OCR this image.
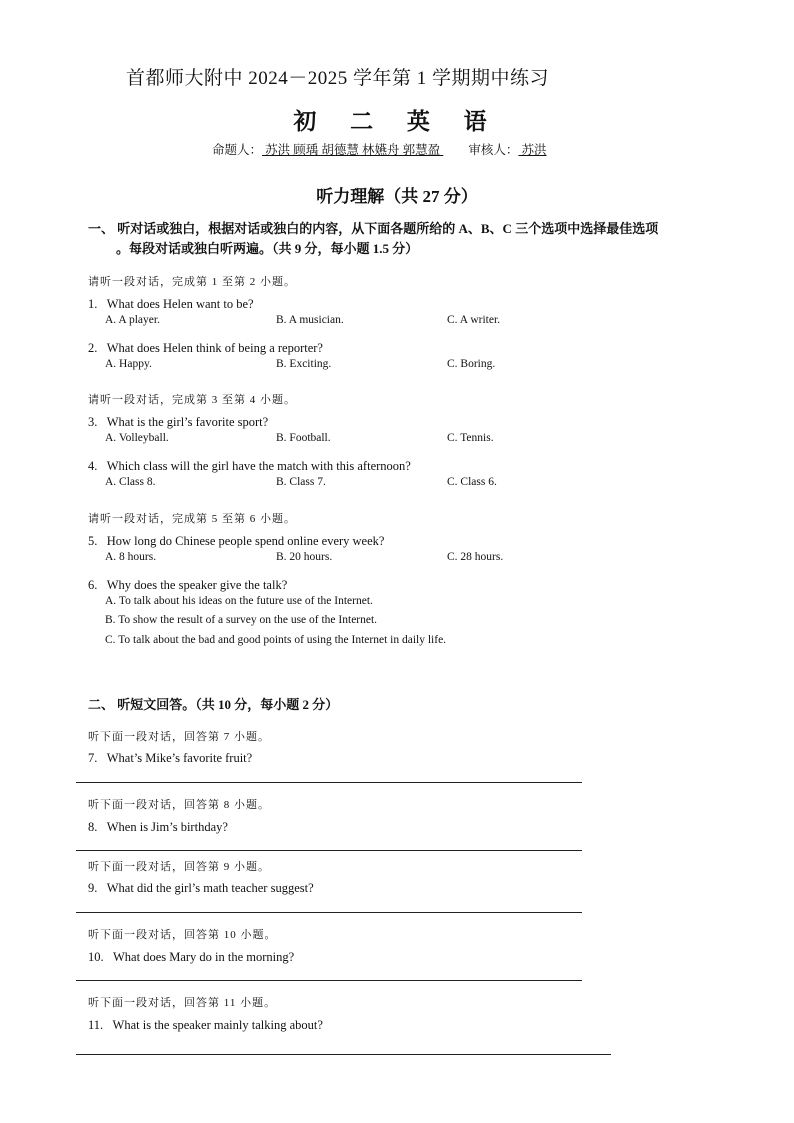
首都师大附中 2024－2025 学年第 1 学期期中练习
初 二 英 语
命题人： 苏洪 顾瑀 胡德慧 林嬿舟 郭慧盈  审核人： 苏洪
听力理解（共 27 分）
一、 听对话或独白，根据对话或独白的内容，从下面各题所给的 A、B、C 三个选项中选择最佳选项
。每段对话或独白听两遍。（共 9 分，每小题 1.5 分）
请听一段对话，完成第 1 至第 2 小题。
1. What does Helen want to be?
A. A player.	B. A musician.	C. A writer.
2. What does Helen think of being a reporter?
A. Happy.	B. Exciting.	C. Boring.
请听一段对话，完成第 3 至第 4 小题。
3. What is the girl’s favorite sport?
A. Volleyball.	B. Football.	C. Tennis.
4. Which class will the girl have the match with this afternoon?
A. Class 8.	B. Class 7.	C. Class 6.
请听一段对话，完成第 5 至第 6 小题。
5. How long do Chinese people spend online every week?
A. 8 hours.	B. 20 hours.	C. 28 hours.
6. Why does the speaker give the talk?
A. To talk about his ideas on the future use of the Internet.
B. To show the result of a survey on the use of the Internet.
C. To talk about the bad and good points of using the Internet in daily life.
二、 听短文回答。（共 10 分，每小题 2 分）
听下面一段对话，回答第 7 小题。
7. What’s Mike’s favorite fruit?
听下面一段对话，回答第 8 小题。
8. When is Jim’s birthday?
听下面一段对话，回答第 9 小题。
9. What did the girl’s math teacher suggest?
听下面一段对话，回答第 10 小题。
10. What does Mary do in the morning?
听下面一段对话，回答第 11 小题。
11. What is the speaker mainly talking about?
